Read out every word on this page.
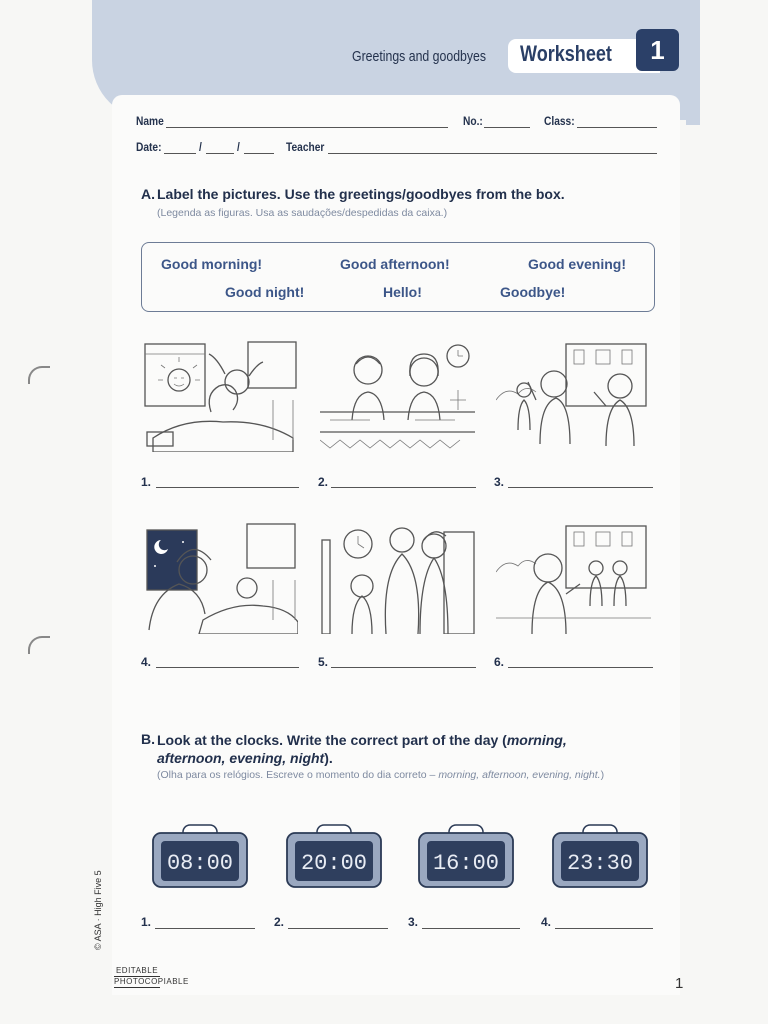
Greetings and goodbyes Worksheet	1
Name	No.:	Class:
Date:	/	/	Teacher
A. Label the pictures. Use the greetings/goodbyes from the box.
(Legenda as figuras. Usa as saudações/despedidas da caixa.)
Good morning!	Good afternoon!	Good evening!
Good night!	Hello!	Goodbye!
1.	2.	3.
4.	5.	6.
B. Look at the clocks. Write the correct part of the day (morning, afternoon, evening, night).
(Olha para os relógios. Escreve o momento do dia correto – morning, afternoon, evening, night.)
08:00	20:00	16:00	23:30
1.	2.	3.	4.
© ASA · High Five 5
EDITABLE
PHOTOCOPIABLE	1
